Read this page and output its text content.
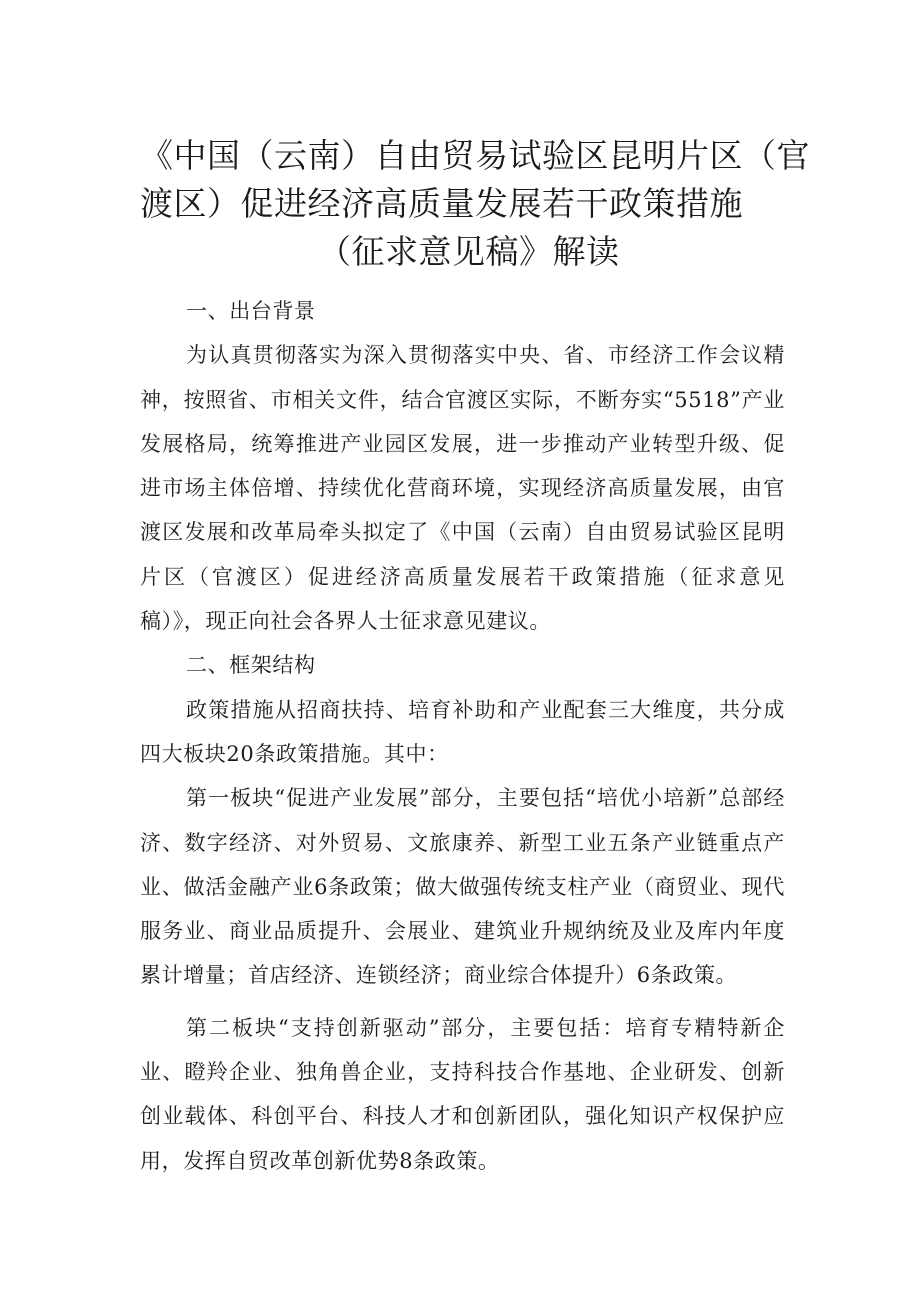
《中国（云南）自由贸易试验区昆明片区（官
渡区）促进经济高质量发展若干政策措施
（征求意见稿》解读

一、出台背景

为认真贯彻落实为深入贯彻落实中央、省、市经济工作会议精神，按照省、市相关文件，结合官渡区实际，不断夯实“5518”产业发展格局，统筹推进产业园区发展，进一步推动产业转型升级、促进市场主体倍增、持续优化营商环境，实现经济高质量发展，由官渡区发展和改革局牵头拟定了《中国（云南）自由贸易试验区昆明片区（官渡区）促进经济高质量发展若干政策措施（征求意见稿）》，现正向社会各界人士征求意见建议。

二、框架结构

政策措施从招商扶持、培育补助和产业配套三大维度，共分成四大板块20条政策措施。其中：

第一板块“促进产业发展”部分，主要包括“培优小培新”总部经济、数字经济、对外贸易、文旅康养、新型工业五条产业链重点产业、做活金融产业6条政策；做大做强传统支柱产业（商贸业、现代服务业、商业品质提升、会展业、建筑业升规纳统及业及库内年度累计增量；首店经济、连锁经济；商业综合体提升）6条政策。

第二板块“支持创新驱动”部分，主要包括：培育专精特新企业、瞪羚企业、独角兽企业，支持科技合作基地、企业研发、创新创业载体、科创平台、科技人才和创新团队，强化知识产权保护应用，发挥自贸改革创新优势8条政策。
